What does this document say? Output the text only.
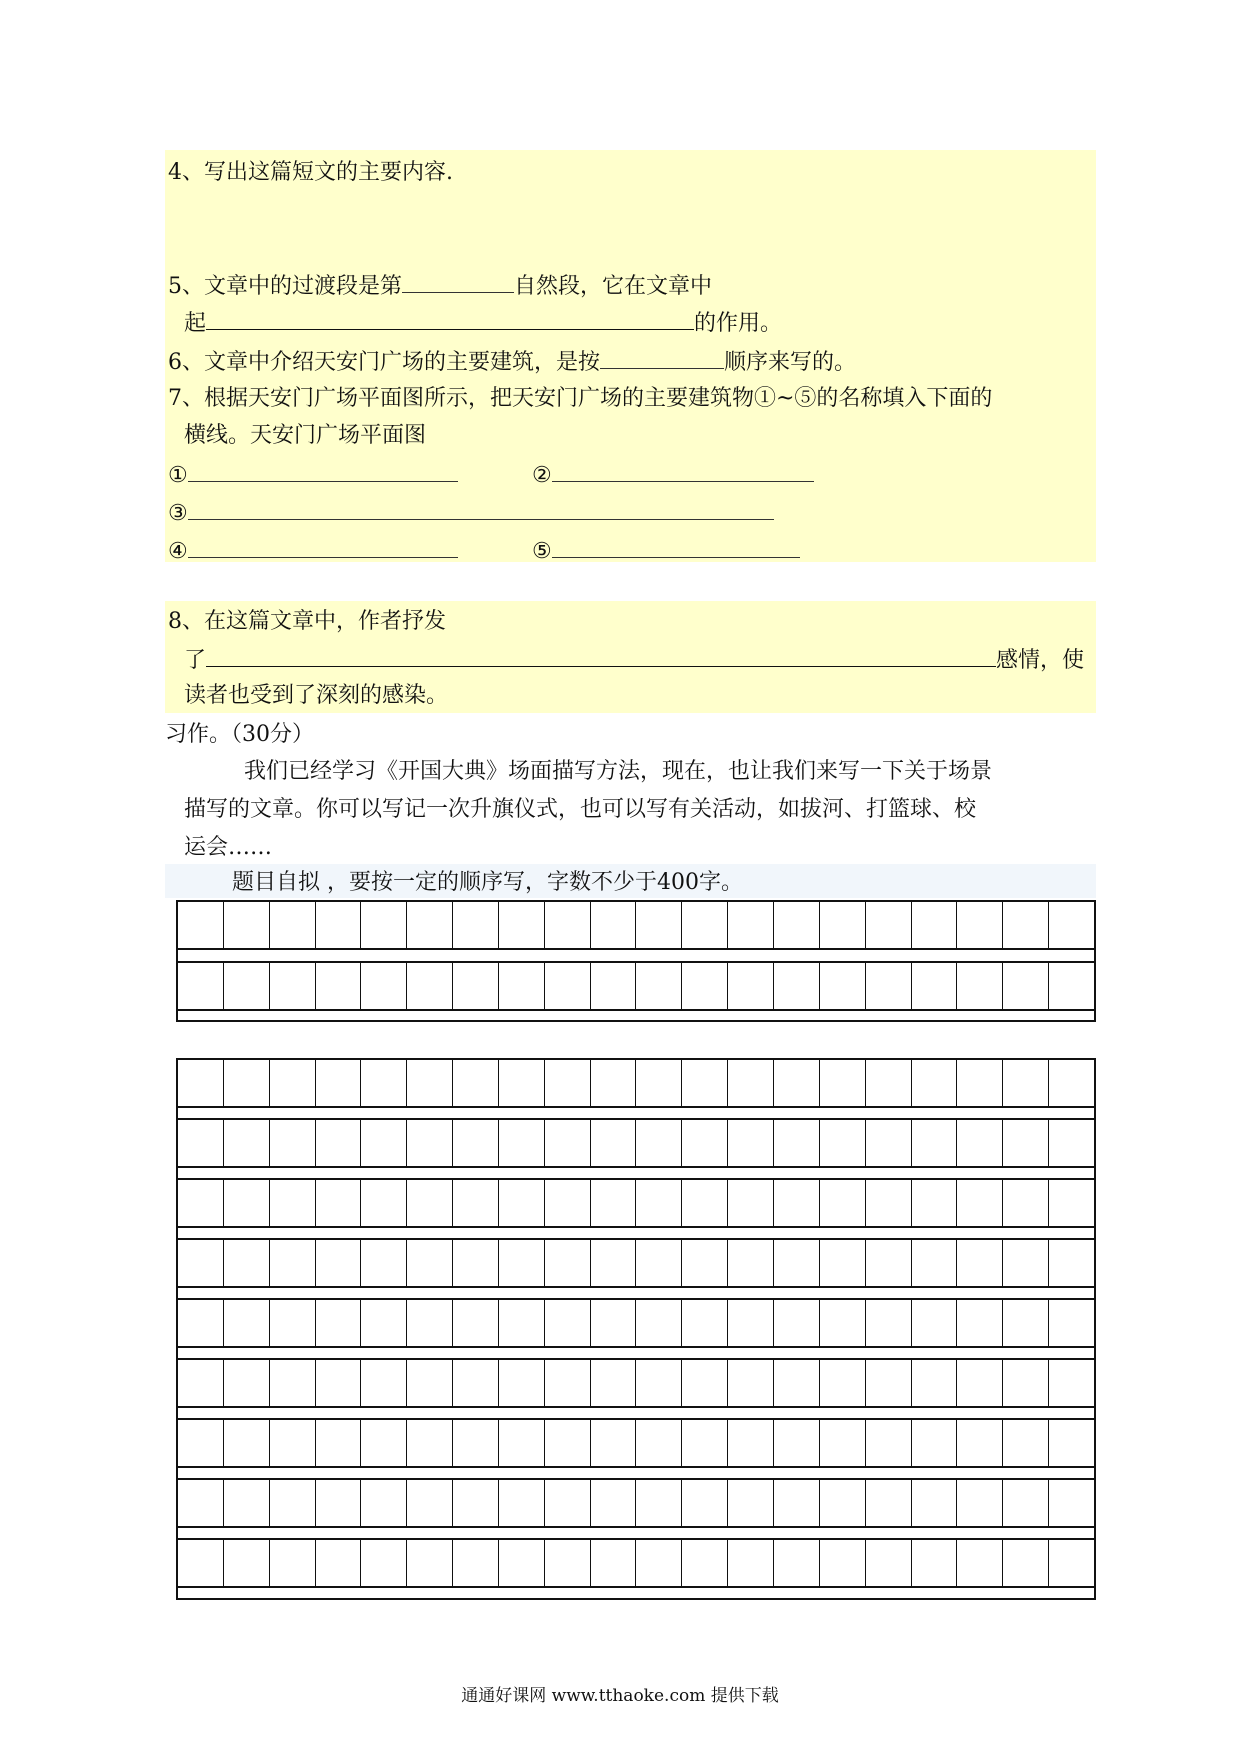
4、写出这篇短文的主要内容.
5、文章中的过渡段是第	自然段，它在文章中
起	的作用。
6、文章中介绍天安门广场的主要建筑，是按	顺序来写的。
7、根据天安门广场平面图所示，把天安门广场的主要建筑物①~⑤的名称填入下面的
横线。天安门广场平面图
①	②
③
④	⑤
8、在这篇文章中，作者抒发
了	感情，使
读者也受到了深刻的感染。
习作。（30分）
我们已经学习《开国大典》场面描写方法，现在，也让我们来写一下关于场景
描写的文章。你可以写记一次升旗仪式，也可以写有关活动，如拔河、打篮球、校
运会……
题目自拟 ，要按一定的顺序写，字数不少于400字。
通通好课网 www.tthaoke.com 提供下载
